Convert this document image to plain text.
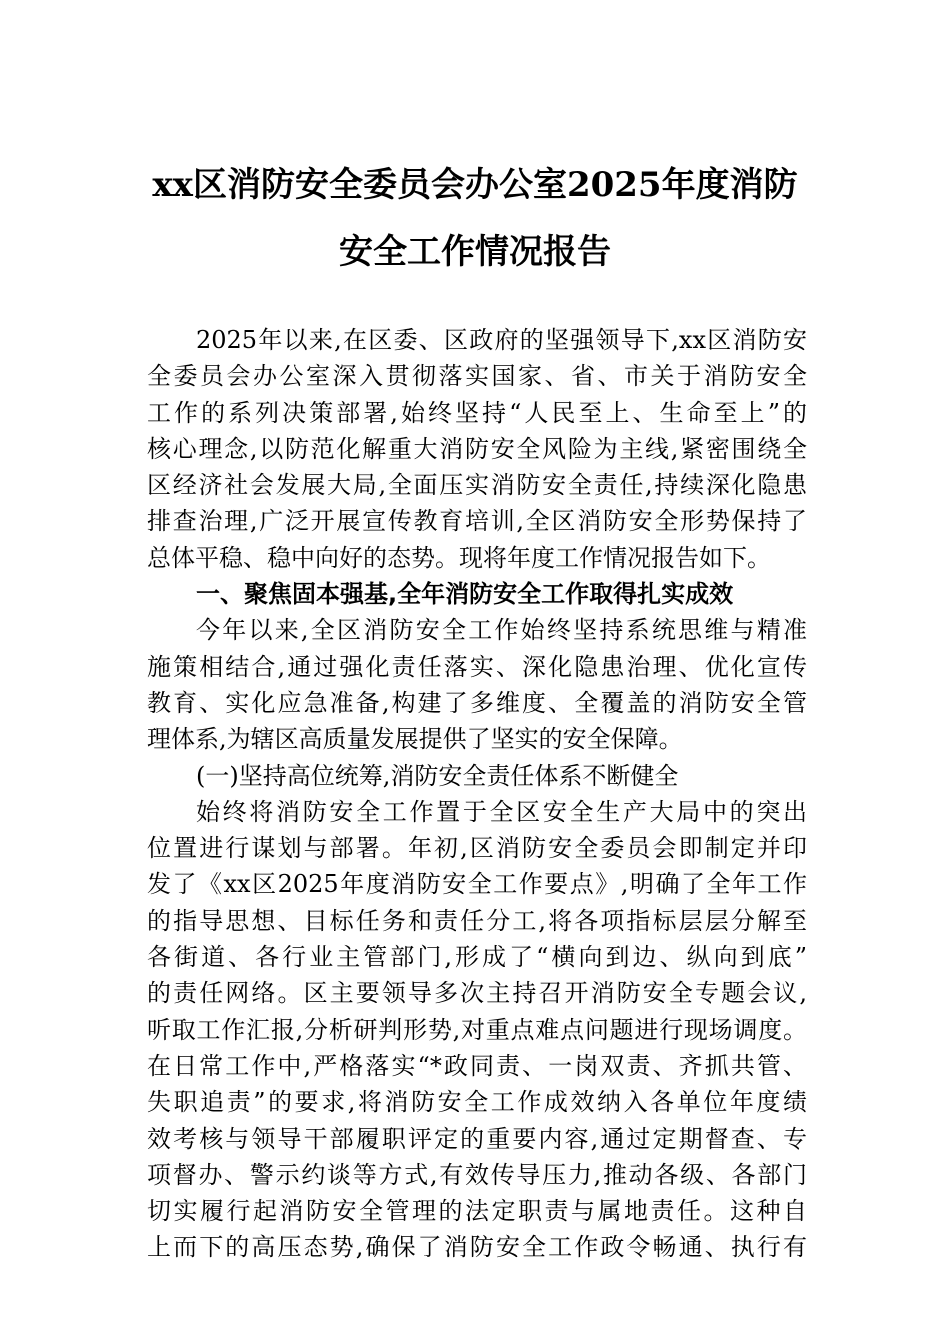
xx区消防安全委员会办公室2025年度消防
安全工作情况报告
2025年以来,在区委、区政府的坚强领导下,xx区消防安
全委员会办公室深入贯彻落实国家、省、市关于消防安全
工作的系列决策部署,始终坚持“人民至上、生命至上”的
核心理念,以防范化解重大消防安全风险为主线,紧密围绕全
区经济社会发展大局,全面压实消防安全责任,持续深化隐患
排查治理,广泛开展宣传教育培训,全区消防安全形势保持了
总体平稳、稳中向好的态势。现将年度工作情况报告如下。
一、聚焦固本强基,全年消防安全工作取得扎实成效
今年以来,全区消防安全工作始终坚持系统思维与精准
施策相结合,通过强化责任落实、深化隐患治理、优化宣传
教育、实化应急准备,构建了多维度、全覆盖的消防安全管
理体系,为辖区高质量发展提供了坚实的安全保障。
(一)坚持高位统筹,消防安全责任体系不断健全
始终将消防安全工作置于全区安全生产大局中的突出
位置进行谋划与部署。年初,区消防安全委员会即制定并印
发了《xx区2025年度消防安全工作要点》,明确了全年工作
的指导思想、目标任务和责任分工,将各项指标层层分解至
各街道、各行业主管部门,形成了“横向到边、纵向到底”
的责任网络。区主要领导多次主持召开消防安全专题会议,
听取工作汇报,分析研判形势,对重点难点问题进行现场调度。
在日常工作中,严格落实“*政同责、一岗双责、齐抓共管、
失职追责”的要求,将消防安全工作成效纳入各单位年度绩
效考核与领导干部履职评定的重要内容,通过定期督查、专
项督办、警示约谈等方式,有效传导压力,推动各级、各部门
切实履行起消防安全管理的法定职责与属地责任。这种自
上而下的高压态势,确保了消防安全工作政令畅通、执行有
